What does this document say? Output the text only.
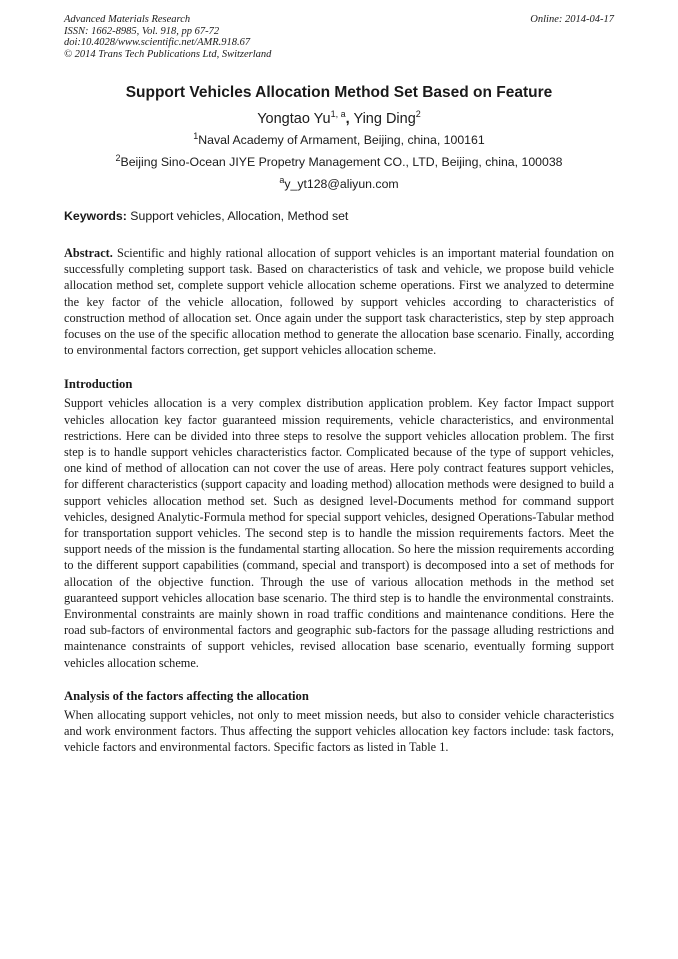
Advanced Materials Research
ISSN: 1662-8985, Vol. 918, pp 67-72
doi:10.4028/www.scientific.net/AMR.918.67
© 2014 Trans Tech Publications Ltd, Switzerland
Online: 2014-04-17
Support Vehicles Allocation Method Set Based on Feature
Yongtao Yu$^{1, a}$, Ying Ding$^2$
$^1$Naval Academy of Armament, Beijing, china, 100161
$^2$Beijing Sino-Ocean JIYE Propetry Management CO., LTD, Beijing, china, 100038
$^a$y_yt128@aliyun.com
Keywords: Support vehicles, Allocation, Method set
Abstract. Scientific and highly rational allocation of support vehicles is an important material foundation on successfully completing support task. Based on characteristics of task and vehicle, we propose build vehicle allocation method set, complete support vehicle allocation scheme operations. First we analyzed to determine the key factor of the vehicle allocation, followed by support vehicles according to characteristics of construction method of allocation set. Once again under the support task characteristics, step by step approach focuses on the use of the specific allocation method to generate the allocation base scenario. Finally, according to environmental factors correction, get support vehicles allocation scheme.
Introduction
Support vehicles allocation is a very complex distribution application problem. Key factor Impact support vehicles allocation key factor guaranteed mission requirements, vehicle characteristics, and environmental restrictions. Here can be divided into three steps to resolve the support vehicles allocation problem. The first step is to handle support vehicles characteristics factor. Complicated because of the type of support vehicles, one kind of method of allocation can not cover the use of areas. Here poly contract features support vehicles, for different characteristics (support capacity and loading method) allocation methods were designed to build a support vehicles allocation method set. Such as designed level-Documents method for command support vehicles, designed Analytic-Formula method for special support vehicles, designed Operations-Tabular method for transportation support vehicles. The second step is to handle the mission requirements factors. Meet the support needs of the mission is the fundamental starting allocation. So here the mission requirements according to the different support capabilities (command, special and transport) is decomposed into a set of methods for allocation of the objective function. Through the use of various allocation methods in the method set guaranteed support vehicles allocation base scenario. The third step is to handle the environmental constraints. Environmental constraints are mainly shown in road traffic conditions and maintenance conditions. Here the road sub-factors of environmental factors and geographic sub-factors for the passage alluding restrictions and maintenance constraints of support vehicles, revised allocation base scenario, eventually forming support vehicles allocation scheme.
Analysis of the factors affecting the allocation
When allocating support vehicles, not only to meet mission needs, but also to consider vehicle characteristics and work environment factors. Thus affecting the support vehicles allocation key factors include: task factors, vehicle factors and environmental factors. Specific factors as listed in Table 1.
